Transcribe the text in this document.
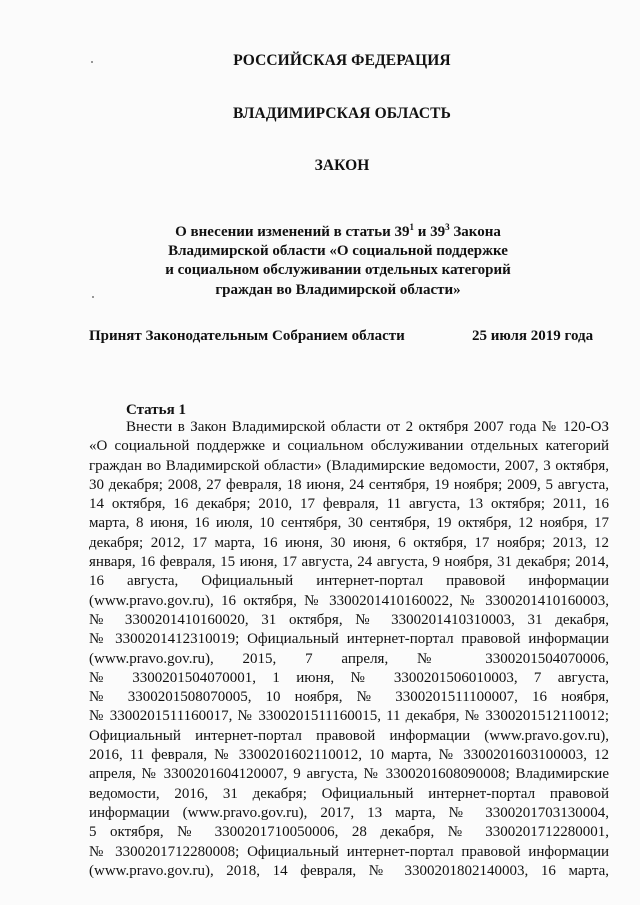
РОССИЙСКАЯ ФЕДЕРАЦИЯ
ВЛАДИМИРСКАЯ ОБЛАСТЬ
ЗАКОН
О внесении изменений в статьи $39^1$ и $39^3$ Закона
Владимирской области «О социальной поддержке
и социальном обслуживании отдельных категорий
граждан во Владимирской области»
Принят Законодательным Собранием области	25 июля 2019 года
Статья 1
Внести в Закон Владимирской области от 2 октября 2007 года № 120-ОЗ
«О социальной поддержке и социальном обслуживании отдельных категорий
граждан во Владимирской области» (Владимирские ведомости, 2007, 3 октября,
30 декабря; 2008, 27 февраля, 18 июня, 24 сентября, 19 ноября; 2009, 5 августа,
14 октября, 16 декабря; 2010, 17 февраля, 11 августа, 13 октября; 2011, 16
марта, 8 июня, 16 июля, 10 сентября, 30 сентября, 19 октября, 12 ноября, 17
декабря; 2012, 17 марта, 16 июня, 30 июня, 6 октября, 17 ноября; 2013, 12
января, 16 февраля, 15 июня, 17 августа, 24 августа, 9 ноября, 31 декабря; 2014,
16 августа, Официальный интернет-портал правовой информации
(www.pravo.gov.ru), 16 октября, № 3300201410160022, № 3300201410160003,
№ 3300201410160020, 31 октября, № 3300201410310003, 31 декабря,
№ 3300201412310019; Официальный интернет-портал правовой информации
(www.pravo.gov.ru), 2015, 7 апреля, № 3300201504070006,
№ 3300201504070001, 1 июня, № 3300201506010003, 7 августа,
№ 3300201508070005, 10 ноября, № 3300201511100007, 16 ноября,
№ 3300201511160017, № 3300201511160015, 11 декабря, № 3300201512110012;
Официальный интернет-портал правовой информации (www.pravo.gov.ru),
2016, 11 февраля, № 3300201602110012, 10 марта, № 3300201603100003, 12
апреля, № 3300201604120007, 9 августа, № 3300201608090008; Владимирские
ведомости, 2016, 31 декабря; Официальный интернет-портал правовой
информации (www.pravo.gov.ru), 2017, 13 марта, № 3300201703130004,
5 октября, № 3300201710050006, 28 декабря, № 3300201712280001,
№ 3300201712280008; Официальный интернет-портал правовой информации
(www.pravo.gov.ru), 2018, 14 февраля, № 3300201802140003, 16 марта,
